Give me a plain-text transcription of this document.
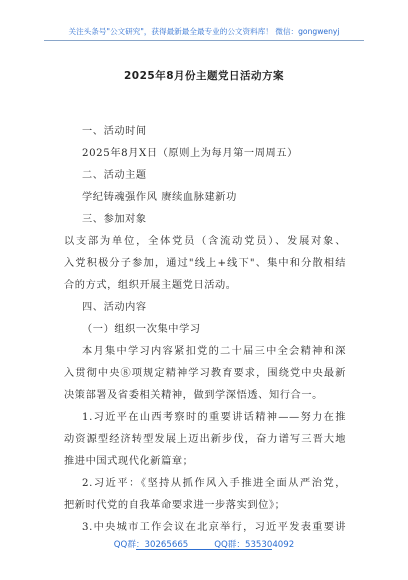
关注头条号"公文研究"，获得最新最全最专业的公文资料库！ 微信：gongwenyj
2025年8月份主题党日活动方案
一、活动时间
2025年8月X日（原则上为每月第一周周五）
二、活动主题
学纪铸魂强作风 赓续血脉建新功
三、参加对象
以支部为单位，全体党员（含流动党员）、发展对象、
入党积极分子参加，通过"线上+线下"、集中和分散相结
合的方式，组织开展主题党日活动。
四、活动内容
（一）组织一次集中学习
本月集中学习内容紧扣党的二十届三中全会精神和深
入贯彻中央⑧项规定精神学习教育要求，围绕党中央最新
决策部署及省委相关精神，做到学深悟透、知行合一。
1.习近平在山西考察时的重要讲话精神——努力在推
动资源型经济转型发展上迈出新步伐，奋力谱写三晋大地
推进中国式现代化新篇章；
2.习近平：《坚持从抓作风入手推进全面从严治党，
把新时代党的自我革命要求进一步落实到位》；
3.中央城市工作会议在北京举行，习近平发表重要讲
QQ群：30265665	QQ群：535304092
